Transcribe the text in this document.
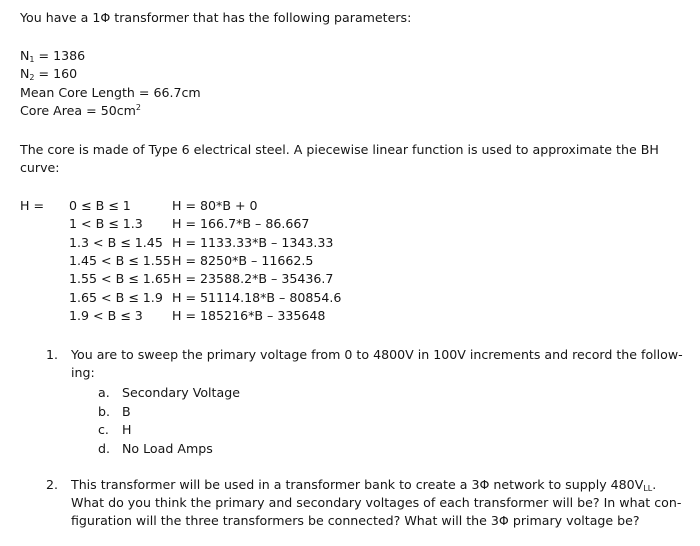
You have a 1Φ transformer that has the following parameters:
$N_1 = 1386$
$N_2 = 160$
Mean Core Length = 66.7cm
Core Area = $50cm^2$
The core is made of Type 6 electrical steel. A piecewise linear function is used to approximate the BH
curve:
H = 0 ≤ B ≤ 1	H = 80*B + 0
1 < B ≤ 1.3 H = 166.7*B – 86.667
1.3 < B ≤ 1.45 H = 1133.33*B – 1343.33
1.45 < B ≤ 1.55 H = 8250*B – 11662.5
1.55 < B ≤ 1.65 H = 23588.2*B – 35436.7
1.65 < B ≤ 1.9 H = 51114.18*B – 80854.6
1.9 < B ≤ 3 H = 185216*B – 335648
1. You are to sweep the primary voltage from 0 to 4800V in 100V increments and record the follow-
ing:
a. Secondary Voltage
b. B
c. H
d. No Load Amps
2. This transformer will be used in a transformer bank to create a 3Φ network to supply $480V_{LL}$.
What do you think the primary and secondary voltages of each transformer will be? In what con-
figuration will the three transformers be connected? What will the 3Φ primary voltage be?
